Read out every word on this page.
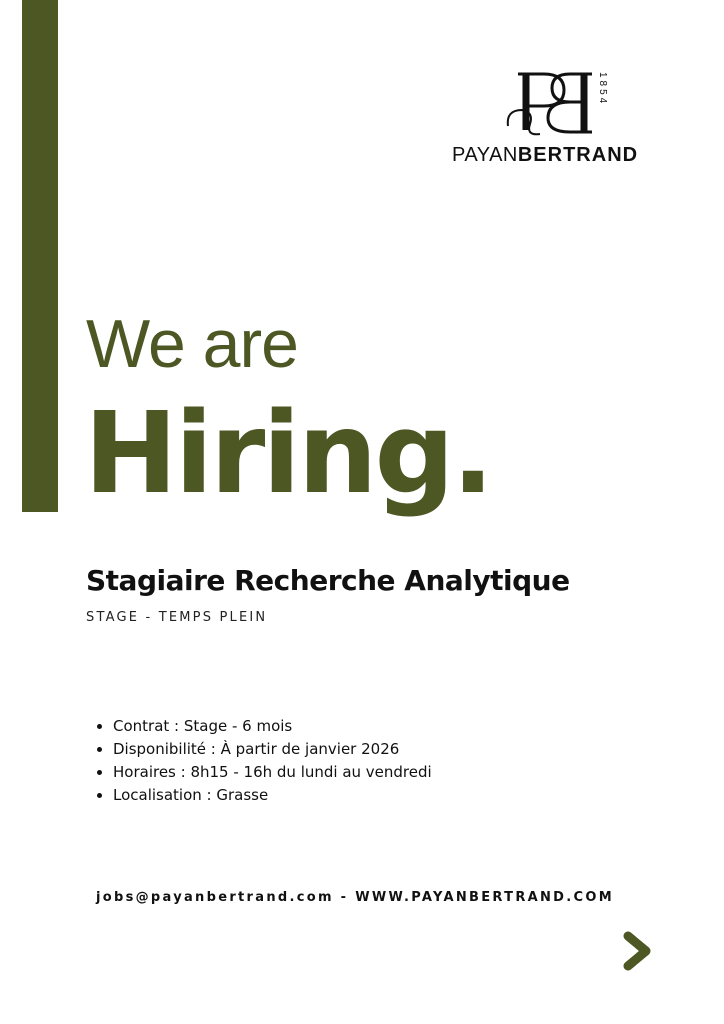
1854
PAYANBERTRAND
We are
Hiring.
Stagiaire Recherche Analytique
STAGE - TEMPS PLEIN
• Contrat : Stage - 6 mois
• Disponibilité : À partir de janvier 2026
• Horaires : 8h15 - 16h du lundi au vendredi
• Localisation : Grasse
jobs@payanbertrand.com - WWW.PAYANBERTRAND.COM
